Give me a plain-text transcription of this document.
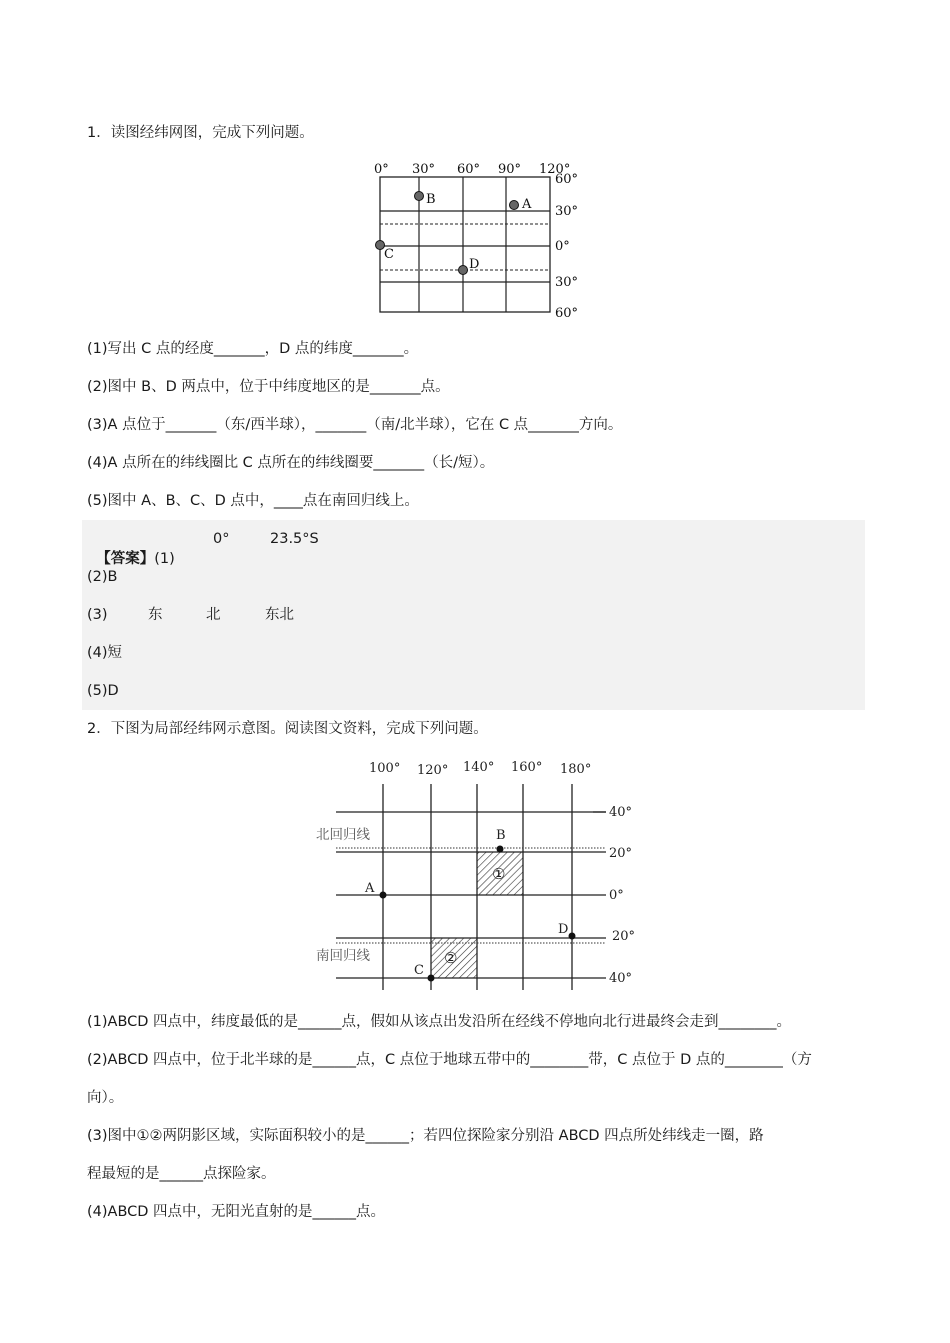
1．读图经纬网图，完成下列问题。
0° 30° 60° 90° 120°
60°
30°
0°
30°
60°
B	A
C
D
(1)写出 C 点的经度_______，D 点的纬度_______。
(2)图中 B、D 两点中，位于中纬度地区的是_______点。
(3)A 点位于_______（东/西半球），_______（南/北半球），它在 C 点_______方向。
(4)A 点所在的纬线圈比 C 点所在的纬线圈要_______（长/短）。
(5)图中 A、B、C、D 点中，____点在南回归线上。

【答案】(1)

0°	23.5°S
(2)B
(3)	东	北	东北
(4)短
(5)D
2．下图为局部经纬网示意图。阅读图文资料，完成下列问题。
100° 120° 140° 160° 180°
40°
20°
0°
20°
40°
北回归线
南回归线
①
②
A
B
C
D
(1)ABCD 四点中，纬度最低的是______点，假如从该点出发沿所在经线不停地向北行进最终会走到________。
(2)ABCD 四点中，位于北半球的是______点，C 点位于地球五带中的________带，C 点位于 D 点的________（方
向）。
(3)图中①②两阴影区域，实际面积较小的是______；若四位探险家分别沿 ABCD 四点所处纬线走一圈，路
程最短的是______点探险家。
(4)ABCD 四点中，无阳光直射的是______点。
